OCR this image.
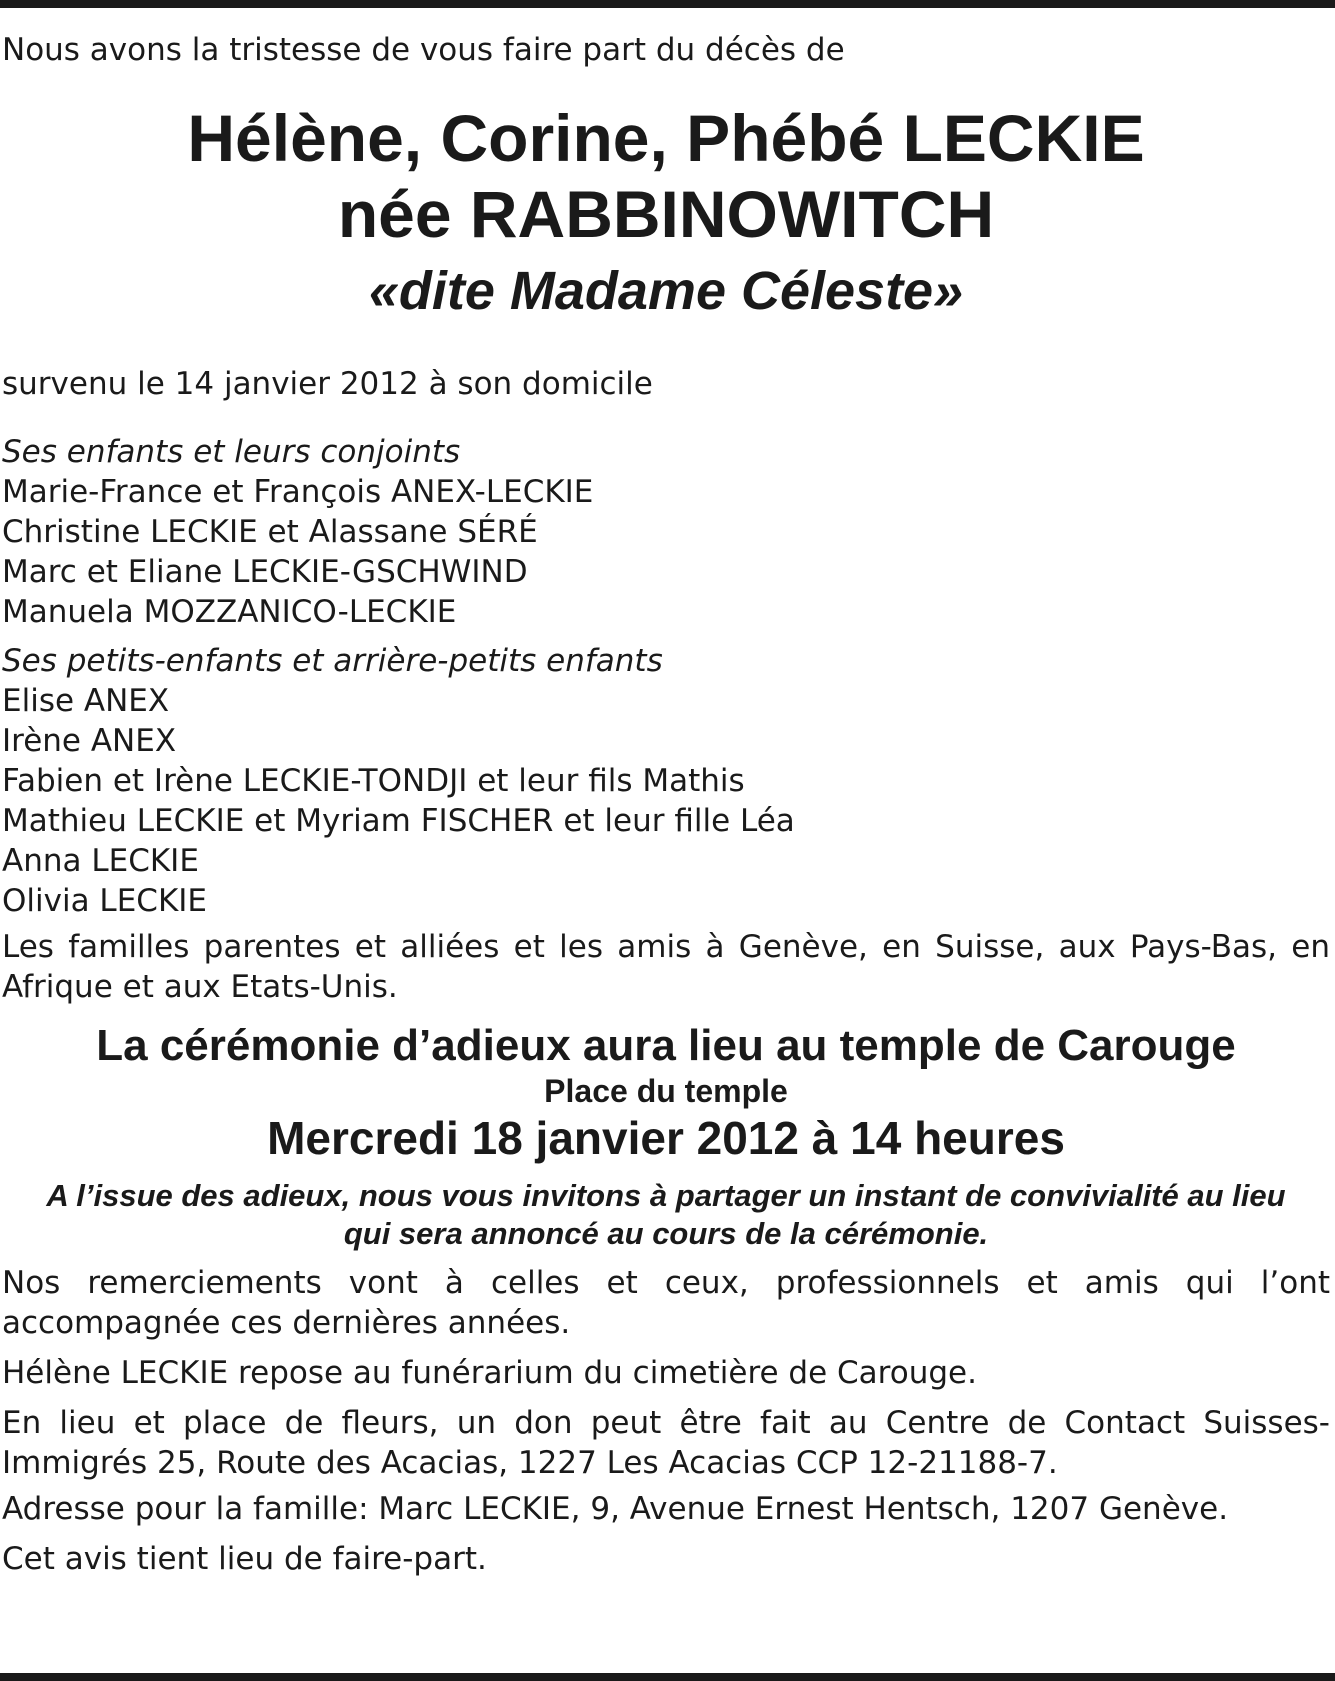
Nous avons la tristesse de vous faire part du décès de

Hélène, Corine, Phébé LECKIE

née RABBINOWITCH

«dite Madame Céleste»

survenu le 14 janvier 2012 à son domicile

Ses enfants et leurs conjoints

Marie-France et François ANEX-LECKIE

Christine LECKIE et Alassane SÉRÉ

Marc et Eliane LECKIE-GSCHWIND

Manuela MOZZANICO-LECKIE

Ses petits-enfants et arrière-petits enfants

Elise ANEX

Irène ANEX

Fabien et Irène LECKIE-TONDJI et leur fils Mathis

Mathieu LECKIE et Myriam FISCHER et leur fille Léa

Anna LECKIE

Olivia LECKIE

Les familles parentes et alliées et les amis à Genève, en Suisse, aux Pays-Bas, en Afrique et aux Etats-Unis.

La cérémonie d’adieux aura lieu au temple de Carouge

Place du temple

Mercredi 18 janvier 2012 à 14 heures

A l’issue des adieux, nous vous invitons à partager un instant de convivialité au lieu

qui sera annoncé au cours de la cérémonie.

Nos remerciements vont à celles et ceux, professionnels et amis qui l’ont accompagnée ces dernières années.

Hélène LECKIE repose au funérarium du cimetière de Carouge.

En lieu et place de fleurs, un don peut être fait au Centre de Contact Suisses-Immigrés 25, Route des Acacias, 1227 Les Acacias CCP 12-21188-7.

Adresse pour la famille: Marc LECKIE, 9, Avenue Ernest Hentsch, 1207 Genève.

Cet avis tient lieu de faire-part.
